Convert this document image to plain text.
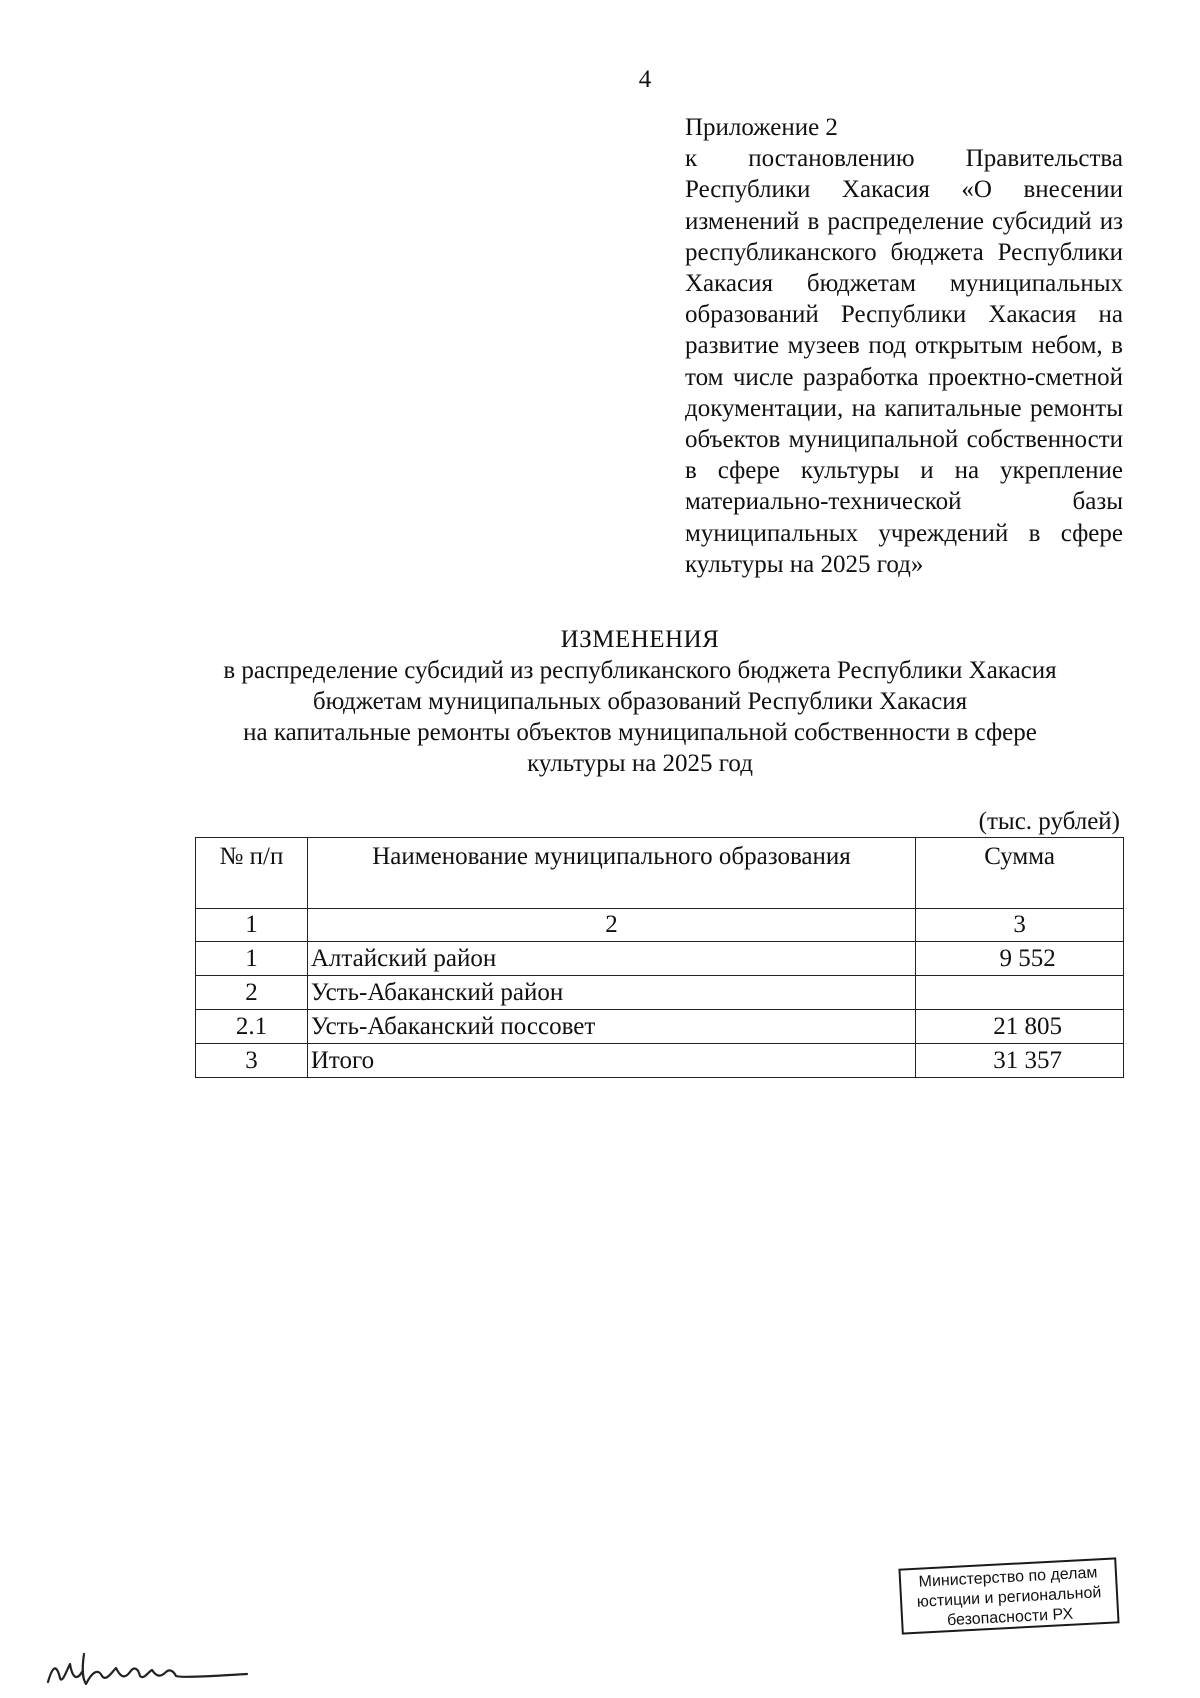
4
Приложение 2
к постановлению Правительства Республики Хакасия «О внесении изменений в распределение субсидий из республиканского бюджета Республики Хакасия бюджетам муниципальных образований Республики Хакасия на развитие музеев под открытым небом, в том числе разработка проектно-сметной документации, на капитальные ремонты объектов муниципальной собственности в сфере культуры и на укрепление материально-технической базы муниципальных учреждений в сфере культуры на 2025 год»
ИЗМЕНЕНИЯ
в распределение субсидий из республиканского бюджета Республики Хакасия
бюджетам муниципальных образований Республики Хакасия
на капитальные ремонты объектов муниципальной собственности в сфере
культуры на 2025 год
(тыс. рублей)
№ п/п	Наименование муниципального образования	Сумма
1	2	3
1	Алтайский район	9 552
2	Усть-Абаканский район	
2.1	Усть-Абаканский поссовет	21 805
3	Итого	31 357
Министерство по делам
юстиции и региональной
безопасности РХ
